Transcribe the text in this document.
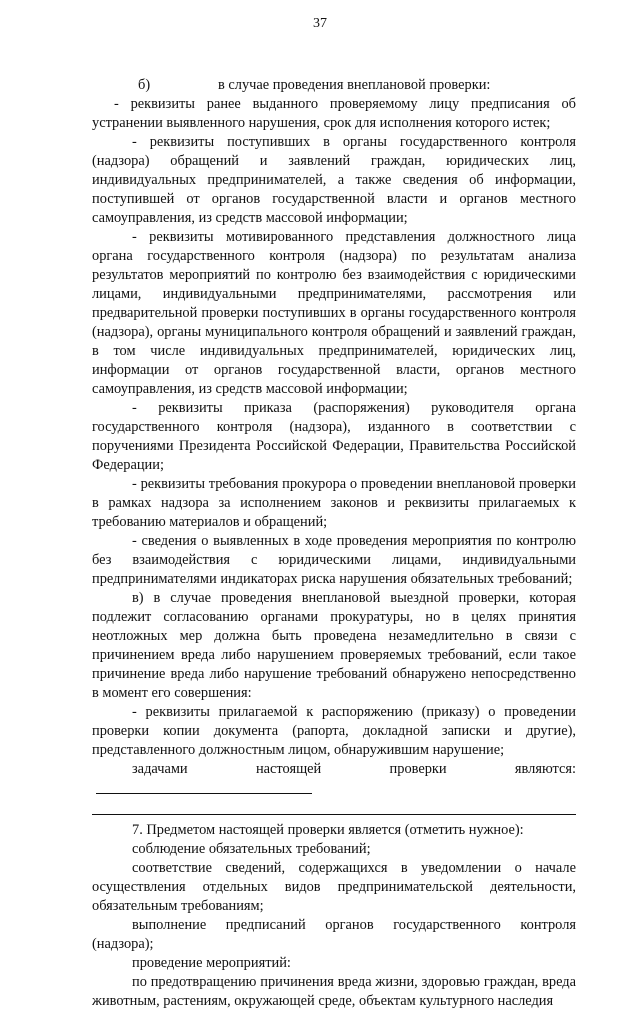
37
б)	в случае проведения внеплановой проверки:

- реквизиты ранее выданного проверяемому лицу предписания об устранении выявленного нарушения, срок для исполнения которого истек;

- реквизиты поступивших в органы государственного контроля (надзора) обращений и заявлений граждан, юридических лиц, индивидуальных предпринимателей, а также сведения об информации, поступившей от органов государственной власти и органов местного самоуправления, из средств массовой информации;

- реквизиты мотивированного представления должностного лица органа государственного контроля (надзора) по результатам анализа результатов мероприятий по контролю без взаимодействия с юридическими лицами, индивидуальными предпринимателями, рассмотрения или предварительной проверки поступивших в органы государственного контроля (надзора), органы муниципального контроля обращений и заявлений граждан, в том числе индивидуальных предпринимателей, юридических лиц, информации от органов государственной власти, органов местного самоуправления, из средств массовой информации;

- реквизиты приказа (распоряжения) руководителя органа государственного контроля (надзора), изданного в соответствии с поручениями Президента Российской Федерации, Правительства Российской Федерации;

- реквизиты требования прокурора о проведении внеплановой проверки в рамках надзора за исполнением законов и реквизиты прилагаемых к требованию материалов и обращений;

- сведения о выявленных в ходе проведения мероприятия по контролю без взаимодействия с юридическими лицами, индивидуальными предпринимателями индикаторах риска нарушения обязательных требований;

в) в случае проведения внеплановой выездной проверки, которая подлежит согласованию органами прокуратуры, но в целях принятия неотложных мер должна быть проведена незамедлительно в связи с причинением вреда либо нарушением проверяемых требований, если такое причинение вреда либо нарушение требований обнаружено непосредственно в момент его совершения:

- реквизиты прилагаемой к распоряжению (приказу) о проведении проверки копии документа (рапорта, докладной записки и другие), представленного должностным лицом, обнаружившим нарушение;

задачами настоящей проверки являются:

7. Предметом настоящей проверки является (отметить нужное):

соблюдение обязательных требований;

соответствие сведений, содержащихся в уведомлении о начале осуществления отдельных видов предпринимательской деятельности, обязательным требованиям;

выполнение предписаний органов государственного контроля (надзора);

проведение мероприятий:

по предотвращению причинения вреда жизни, здоровью граждан, вреда животным, растениям, окружающей среде, объектам культурного наследия
